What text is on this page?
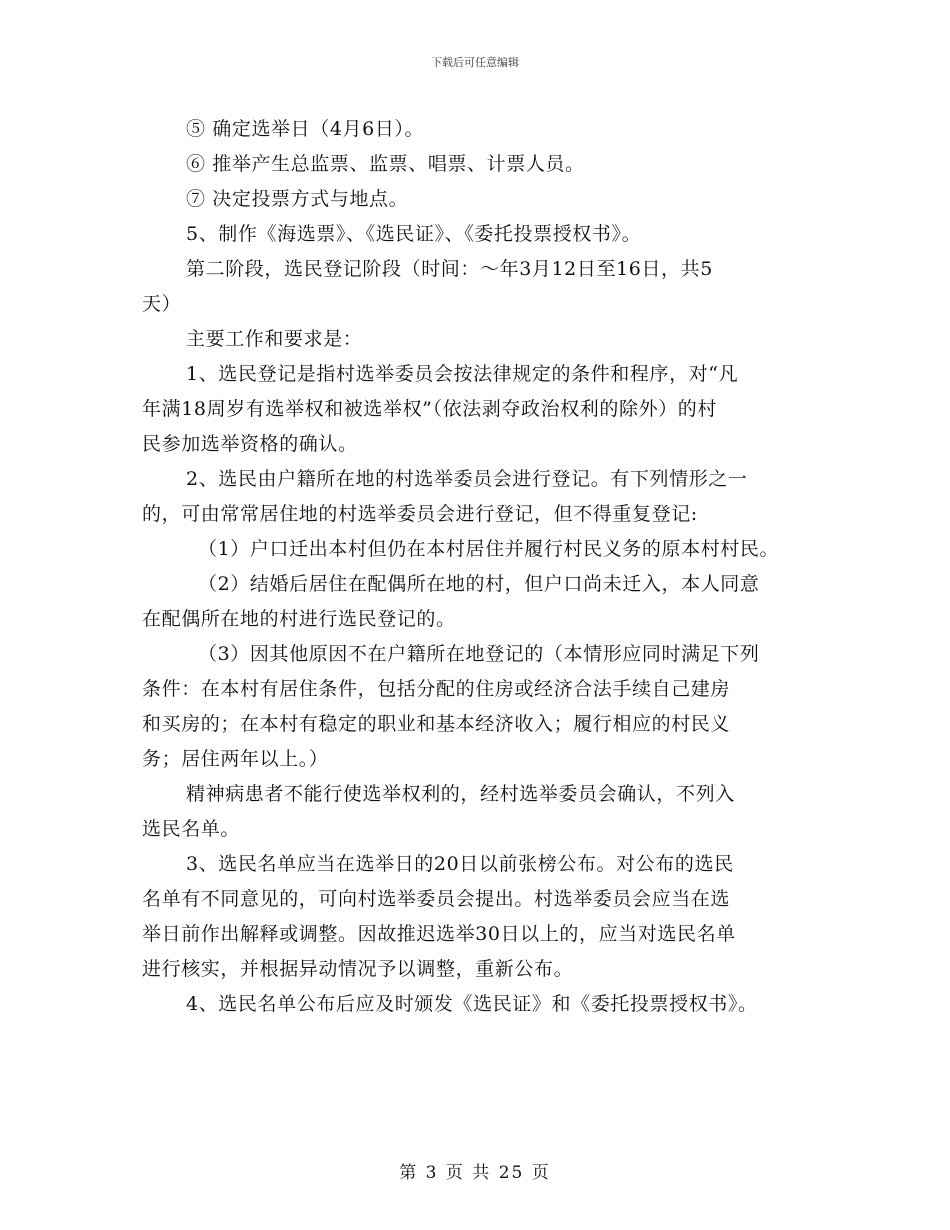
下载后可任意编辑
⑤ 确定选举日（4月6日）。
⑥ 推举产生总监票、监票、唱票、计票人员。
⑦ 决定投票方式与地点。
5、制作《海选票》、《选民证》、《委托投票授权书》。
第二阶段，选民登记阶段（时间：～年3月12日至16日，共5
天）
主要工作和要求是：
1、选民登记是指村选举委员会按法律规定的条件和程序，对“凡
年满18周岁有选举权和被选举权”（依法剥夺政治权利的除外）的村
民参加选举资格的确认。
2、选民由户籍所在地的村选举委员会进行登记。有下列情形之一
的，可由常常居住地的村选举委员会进行登记，但不得重复登记:
（1）户口迁出本村但仍在本村居住并履行村民义务的原本村村民。
（2）结婚后居住在配偶所在地的村，但户口尚未迁入，本人同意
在配偶所在地的村进行选民登记的。
（3）因其他原因不在户籍所在地登记的（本情形应同时满足下列
条件：在本村有居住条件，包括分配的住房或经济合法手续自己建房
和买房的；在本村有稳定的职业和基本经济收入；履行相应的村民义
务；居住两年以上。）
精神病患者不能行使选举权利的，经村选举委员会确认，不列入
选民名单。
3、选民名单应当在选举日的20日以前张榜公布。对公布的选民
名单有不同意见的，可向村选举委员会提出。村选举委员会应当在选
举日前作出解释或调整。因故推迟选举30日以上的，应当对选民名单
进行核实，并根据异动情况予以调整，重新公布。
4、选民名单公布后应及时颁发《选民证》和《委托投票授权书》。
第 3 页 共 25 页
